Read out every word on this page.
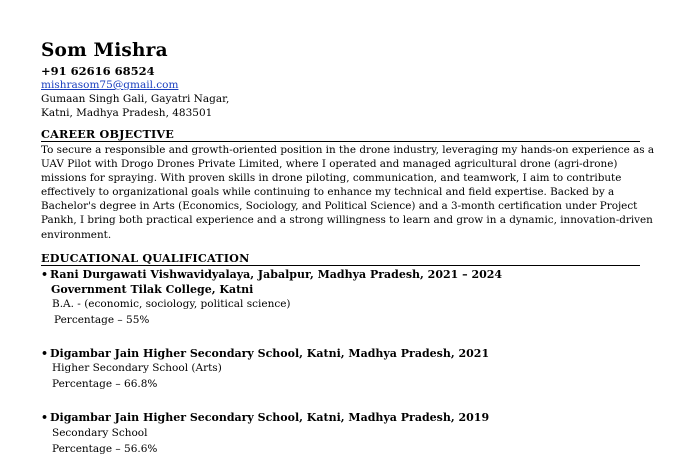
Som Mishra
+91 62616 68524
mishrasom75@gmail.com
Gumaan Singh Gali, Gayatri Nagar,
Katni, Madhya Pradesh, 483501
CAREER OBJECTIVE
To secure a responsible and growth-oriented position in the drone industry, leveraging my hands-on experience as a
UAV Pilot with Drogo Drones Private Limited, where I operated and managed agricultural drone (agri-drone)
missions for spraying. With proven skills in drone piloting, communication, and teamwork, I aim to contribute
effectively to organizational goals while continuing to enhance my technical and field expertise. Backed by a
Bachelor's degree in Arts (Economics, Sociology, and Political Science) and a 3-month certification under Project
Pankh, I bring both practical experience and a strong willingness to learn and grow in a dynamic, innovation-driven
environment.
EDUCATIONAL QUALIFICATION
• Rani Durgawati Vishwavidyalaya, Jabalpur, Madhya Pradesh, 2021 – 2024
Government Tilak College, Katni
B.A. - (economic, sociology, political science)
Percentage – 55%
• Digambar Jain Higher Secondary School, Katni, Madhya Pradesh, 2021
Higher Secondary School (Arts)
Percentage – 66.8%
• Digambar Jain Higher Secondary School, Katni, Madhya Pradesh, 2019
Secondary School
Percentage – 56.6%
